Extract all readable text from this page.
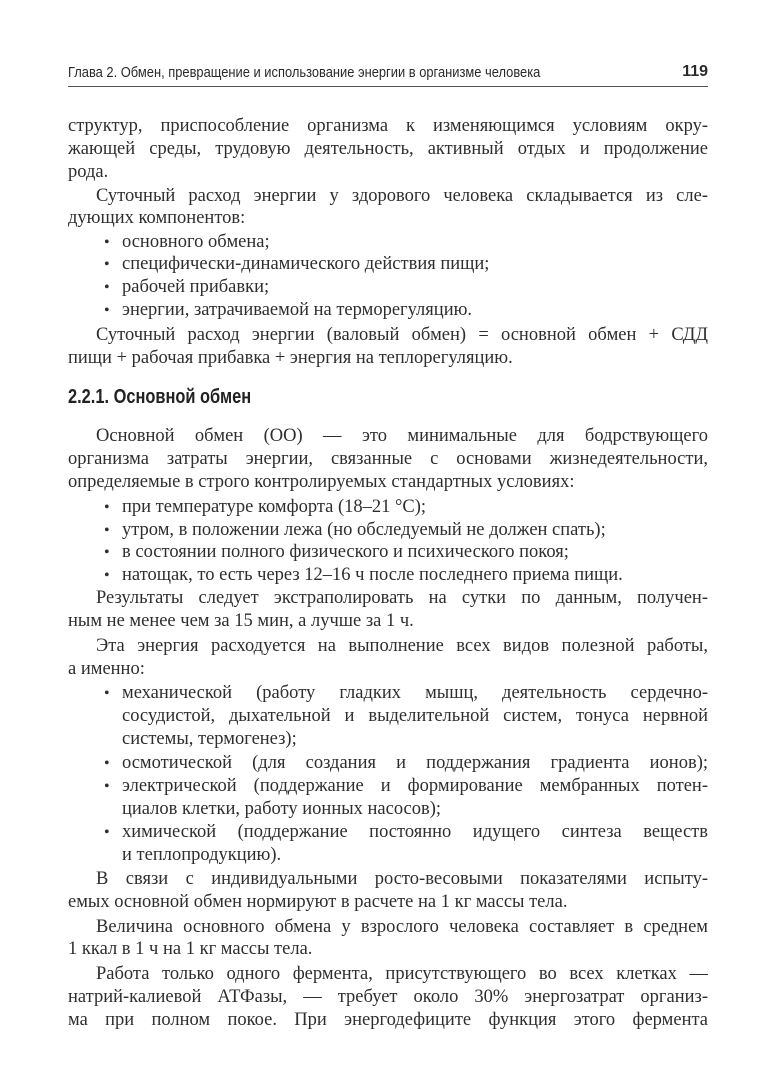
Глава 2. Обмен, превращение и использование энергии в организме человека	119
структур, приспособление организма к изменяющимся условиям окру-
жающей среды, трудовую деятельность, активный отдых и продолжение
рода.
Суточный расход энергии у здорового человека складывается из сле-
дующих компонентов:
• основного обмена;
• специфически-динамического действия пищи;
• рабочей прибавки;
• энергии, затрачиваемой на терморегуляцию.
Суточный расход энергии (валовый обмен) = основной обмен + СДД
пищи + рабочая прибавка + энергия на теплорегуляцию.
2.2.1. Основной обмен
Основной обмен (ОО) — это минимальные для бодрствующего
организма затраты энергии, связанные с основами жизнедеятельности,
определяемые в строго контролируемых стандартных условиях:
• при температуре комфорта (18–21 °С);
• утром, в положении лежа (но обследуемый не должен спать);
• в состоянии полного физического и психического покоя;
• натощак, то есть через 12–16 ч после последнего приема пищи.
Результаты следует экстраполировать на сутки по данным, получен-
ным не менее чем за 15 мин, а лучше за 1 ч.
Эта энергия расходуется на выполнение всех видов полезной работы,
а именно:
• механической (работу гладких мышц, деятельность сердечно-
сосудистой, дыхательной и выделительной систем, тонуса нервной
системы, термогенез);
• осмотической (для создания и поддержания градиента ионов);
• электрической (поддержание и формирование мембранных потен-
циалов клетки, работу ионных насосов);
• химической (поддержание постоянно идущего синтеза веществ
и теплопродукцию).
В связи с индивидуальными росто-весовыми показателями испыту-
емых основной обмен нормируют в расчете на 1 кг массы тела.
Величина основного обмена у взрослого человека составляет в среднем
1 ккал в 1 ч на 1 кг массы тела.
Работа только одного фермента, присутствующего во всех клетках —
натрий-калиевой АТФазы, — требует около 30% энергозатрат организ-
ма при полном покое. При энергодефиците функция этого фермента
